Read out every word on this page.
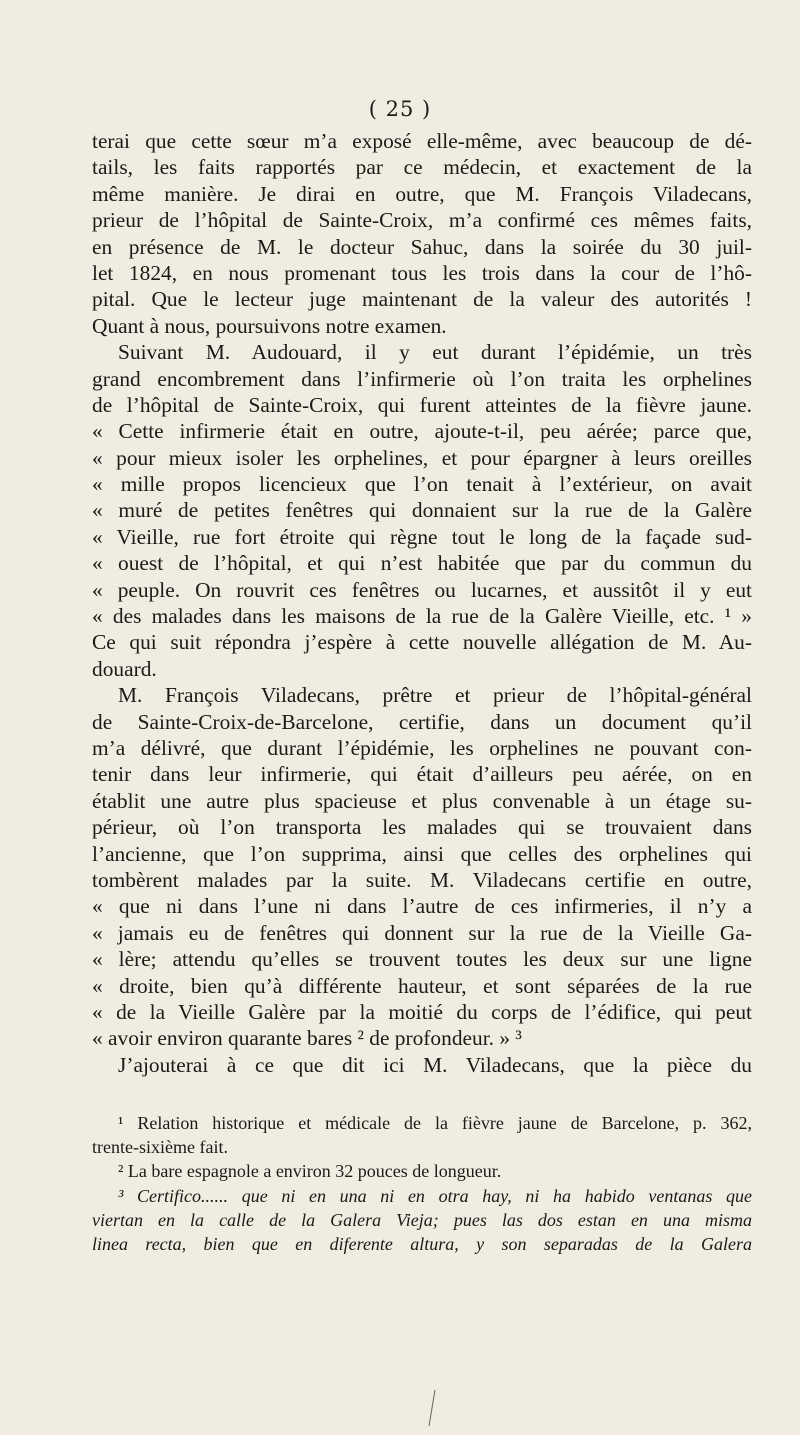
( 25 )
terai que cette sœur m’a exposé elle-même, avec beaucoup de dé-
tails, les faits rapportés par ce médecin, et exactement de la
même manière. Je dirai en outre, que M. François Viladecans,
prieur de l’hôpital de Sainte-Croix, m’a confirmé ces mêmes faits,
en présence de M. le docteur Sahuc, dans la soirée du 30 juil-
let 1824, en nous promenant tous les trois dans la cour de l’hô-
pital. Que le lecteur juge maintenant de la valeur des autorités !
Quant à nous, poursuivons notre examen.
Suivant M. Audouard, il y eut durant l’épidémie, un très
grand encombrement dans l’infirmerie où l’on traita les orphelines
de l’hôpital de Sainte-Croix, qui furent atteintes de la fièvre jaune.
« Cette infirmerie était en outre, ajoute-t-il, peu aérée; parce que,
« pour mieux isoler les orphelines, et pour épargner à leurs oreilles
« mille propos licencieux que l’on tenait à l’extérieur, on avait
« muré de petites fenêtres qui donnaient sur la rue de la Galère
« Vieille, rue fort étroite qui règne tout le long de la façade sud-
« ouest de l’hôpital, et qui n’est habitée que par du commun du
« peuple. On rouvrit ces fenêtres ou lucarnes, et aussitôt il y eut
« des malades dans les maisons de la rue de la Galère Vieille, etc. ¹ »
Ce qui suit répondra j’espère à cette nouvelle allégation de M. Au-
douard.
M. François Viladecans, prêtre et prieur de l’hôpital-général
de Sainte-Croix-de-Barcelone, certifie, dans un document qu’il
m’a délivré, que durant l’épidémie, les orphelines ne pouvant con-
tenir dans leur infirmerie, qui était d’ailleurs peu aérée, on en
établit une autre plus spacieuse et plus convenable à un étage su-
périeur, où l’on transporta les malades qui se trouvaient dans
l’ancienne, que l’on supprima, ainsi que celles des orphelines qui
tombèrent malades par la suite. M. Viladecans certifie en outre,
« que ni dans l’une ni dans l’autre de ces infirmeries, il n’y a
« jamais eu de fenêtres qui donnent sur la rue de la Vieille Ga-
« lère; attendu qu’elles se trouvent toutes les deux sur une ligne
« droite, bien qu’à différente hauteur, et sont séparées de la rue
« de la Vieille Galère par la moitié du corps de l’édifice, qui peut
« avoir environ quarante bares ² de profondeur. » ³
J’ajouterai à ce que dit ici M. Viladecans, que la pièce du
¹ Relation historique et médicale de la fièvre jaune de Barcelone, p. 362,
trente-sixième fait.
² La bare espagnole a environ 32 pouces de longueur.
³ Certifico...... que ni en una ni en otra hay, ni ha habido ventanas que
viertan en la calle de la Galera Vieja; pues las dos estan en una misma
linea recta, bien que en diferente altura, y son separadas de la Galera
